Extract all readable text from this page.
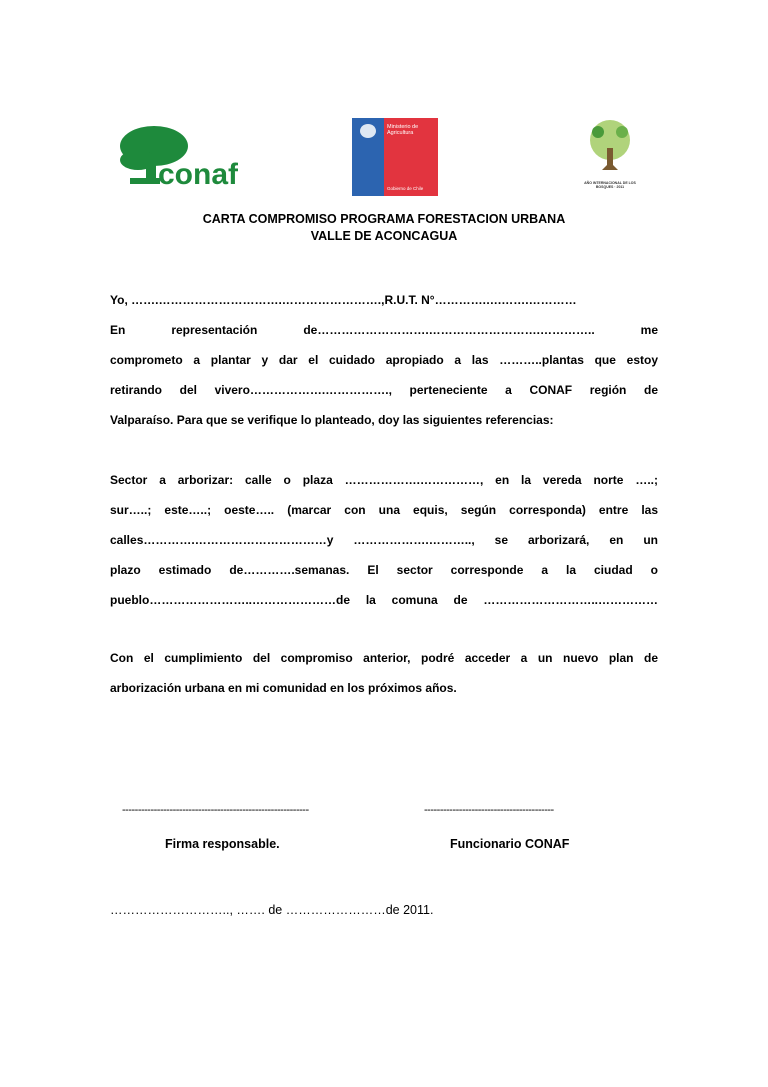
conaf
Ministerio de
Agricultura
Gobierno de Chile
AÑO INTERNACIONAL DE LOS BOSQUES · 2011
CARTA COMPROMISO PROGRAMA FORESTACION URBANA
VALLE DE ACONCAGUA
Yo, …….………………………….…………………….,R.U.T. N°………….….…….…………
En representación de……………………….……………………….………….. me
comprometo a plantar y dar el cuidado apropiado a las ………..plantas que estoy
retirando del vivero……………….……………., perteneciente a CONAF región de
Valparaíso. Para que se verifique lo planteado, doy las siguientes referencias:
Sector a arborizar: calle o plaza ……………….……………, en la vereda norte …..;
sur…..; este…..; oeste….. (marcar con una equis, según corresponda) entre las
calles………….……………………………y ……………….……….., se arborizará, en un
plazo estimado de………….semanas. El sector corresponde a la ciudad o
pueblo……………………..…………………de la comuna de ………………………..……………
Con el cumplimiento del compromiso anterior, podré acceder a un nuevo plan de
arborización urbana en mi comunidad en los próximos años.
-----------------------------------------------------------	-----------------------------------------
Firma responsable.	Funcionario CONAF
……………………….., ……. de ……………………de 2011.
